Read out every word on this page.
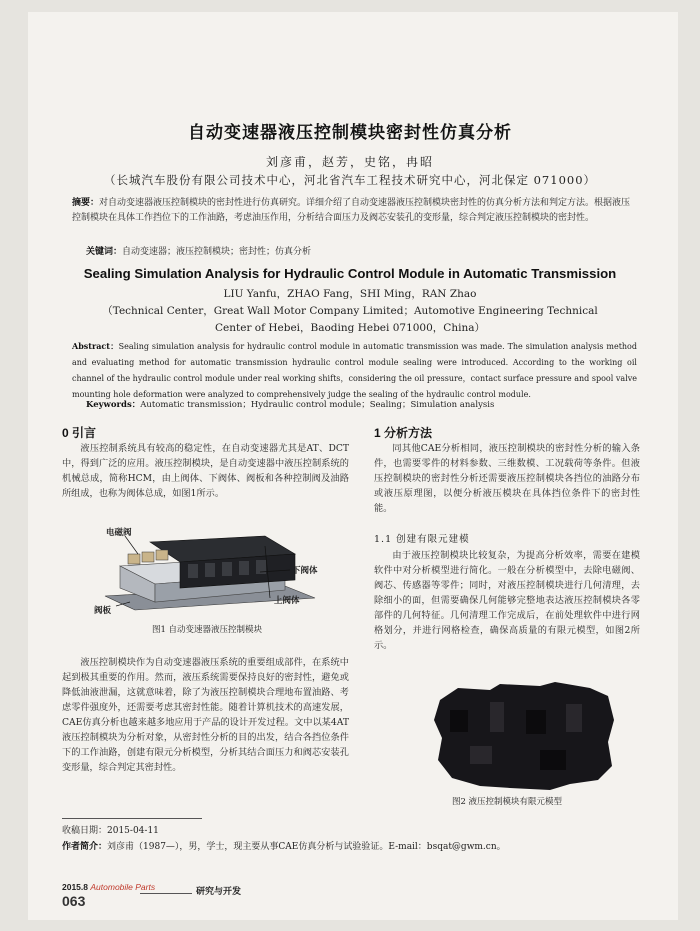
自动变速器液压控制模块密封性仿真分析
刘彦甫，赵芳，史铭，冉昭
（长城汽车股份有限公司技术中心，河北省汽车工程技术研究中心，河北保定 071000）
摘要：对自动变速器液压控制模块的密封性进行仿真研究。详细介绍了自动变速器液压控制模块密封性的仿真分析方法和判定方法。根据液压控制模块在具体工作挡位下的工作油路，考虑油压作用，分析结合面压力及阀芯安装孔的变形量，综合判定液压控制模块的密封性。
关键词：自动变速器；液压控制模块；密封性；仿真分析
Sealing Simulation Analysis for Hydraulic Control Module in Automatic Transmission
LIU Yanfu，ZHAO Fang，SHI Ming，RAN Zhao
（Technical Center，Great Wall Motor Company Limited；Automotive Engineering Technical
Center of Hebei，Baoding Hebei 071000，China）
Abstract：Sealing simulation analysis for hydraulic control module in automatic transmission was made. The simulation analysis method and evaluating method for automatic transmission hydraulic control module sealing were introduced. According to the working oil channel of the hydraulic control module under real working shifts，considering the oil pressure，contact surface pressure and spool valve mounting hole deformation were analyzed to comprehensively judge the sealing of the hydraulic control module.
Keywords：Automatic transmission；Hydraulic control module；Sealing；Simulation analysis
0 引言
液压控制系统具有较高的稳定性，在自动变速器尤其是AT、DCT中，得到广泛的应用。液压控制模块，是自动变速器中液压控制系统的机械总成，简称HCM，由上阀体、下阀体、阀板和各种控制阀及油路所组成，也称为阀体总成，如图1所示。
电磁阀
下阀体
上阀体
阀板
图1 自动变速器液压控制模块
液压控制模块作为自动变速器液压系统的重要组成部件，在系统中起到极其重要的作用。然而，液压系统需要保持良好的密封性，避免或降低油液泄漏，这就意味着，除了为液压控制模块合理地布置油路、考虑零件强度外，还需要考虑其密封性能。随着计算机技术的高速发展，CAE仿真分析也越来越多地应用于产品的设计开发过程。文中以某4AT液压控制模块为分析对象，从密封性分析的目的出发，结合各挡位条件下的工作油路，创建有限元分析模型，分析其结合面压力和阀芯安装孔变形量，综合判定其密封性。
1 分析方法
同其他CAE分析相同，液压控制模块的密封性分析的输入条件，也需要零件的材料参数、三维数模、工况载荷等条件。但液压控制模块的密封性分析还需要液压控制模块各挡位的油路分布或液压原理图，以便分析液压模块在具体挡位条件下的密封性能。
1.1 创建有限元建模
由于液压控制模块比较复杂，为提高分析效率，需要在建模软件中对分析模型进行简化。一般在分析模型中，去除电磁阀、阀芯、传感器等零件；同时，对液压控制模块进行几何清理，去除细小的面，但需要确保几何能够完整地表达液压控制模块各零部件的几何特征。几何清理工作完成后，在前处理软件中进行网格划分，并进行网格检查，确保高质量的有限元模型，如图2所示。
图2 液压控制模块有限元模型
收稿日期：2015-04-11
作者简介：刘彦甫（1987—），男，学士，现主要从事CAE仿真分析与试验验证。E-mail：bsqat@gwm.cn。
2015.8 Automobile Parts	研究与开发
063
